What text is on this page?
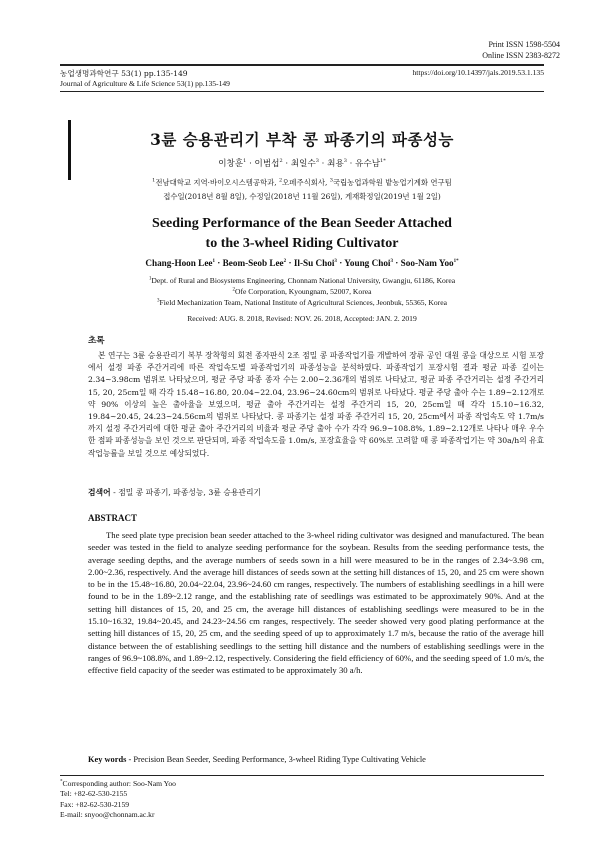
Print ISSN 1598-5504
Online ISSN 2383-8272
농업생명과학연구 53(1) pp.135-149	https://doi.org/10.14397/jals.2019.53.1.135
Journal of Agriculture & Life Science 53(1) pp.135-149
3륜 승용관리기 부착 콩 파종기의 파종성능
이창훈$^1$ · 이범섭$^2$ · 최일수$^3$ · 최용$^3$ · 유수남$^{1*}$
$^1$전남대학교 지역·바이오시스템공학과, $^2$오페주식회사, $^3$국립농업과학원 밭농업기계화 연구팀
접수일(2018년 8월 8일), 수정일(2018년 11월 26일), 게재확정일(2019년 1월 2일)
Seeding Performance of the Bean Seeder Attached
to the 3-wheel Riding Cultivator
Chang-Hoon Lee$^1$ · Beom-Seob Lee$^2$ · Il-Su Choi$^3$ · Young Choi$^3$ · Soo-Nam Yoo$^{1*}$
$^1$Dept. of Rural and Biosystems Engineering, Chonnam National University, Gwangju, 61186, Korea
$^2$Ofe Corporation, Kyoungnam, 52007, Korea
$^3$Field Mechanization Team, National Institute of Agricultural Sciences, Jeonbuk, 55365, Korea
Received: AUG. 8. 2018, Revised: NOV. 26. 2018, Accepted: JAN. 2. 2019
초록
본 연구는 3륜 승용관리기 복부 장착형의 회전 종자판식 2조 점밀 콩 파종작업기를 개발하여 장류 공인 대원 콩을 대상으로 시험 포장에서 설정 파종 주간거리에 따른 작업속도별 파종작업기의 파종성능을 분석하였다. 파종작업기 포장시험 결과 평균 파종 깊이는 2.34~3.98cm 범위로 나타났으며, 평균 주당 파종 종자 수는 2.00~2.36개의 범위로 나타났고, 평균 파종 주간거리는 설정 주간거리 15, 20, 25cm일 때 각각 15.48~16.80, 20.04~22.04, 23.96~24.60cm의 범위로 나타났다. 평균 주당 출아 수는 1.89~2.12개로 약 90% 이상의 높은 출아율을 보였으며, 평균 출아 주간거리는 설정 주간거리 15, 20, 25cm일 때 각각 15.10~16.32, 19.84~20.45, 24.23~24.56cm의 범위로 나타났다. 콩 파종기는 설정 파종 주간거리 15, 20, 25cm에서 파종 작업속도 약 1.7m/s까지 설정 주간거리에 대한 평균 출아 주간거리의 비율과 평균 주당 출아 수가 각각 96.9~108.8%, 1.89~2.12개로 나타나 매우 우수한 점파 파종성능을 보인 것으로 판단되며, 파종 작업속도를 1.0m/s, 포장효율을 약 60%로 고려할 때 콩 파종작업기는 약 30a/h의 유효작업능률을 보일 것으로 예상되었다.
검색어 - 점밀 콩 파종기, 파종성능, 3륜 승용관리기
ABSTRACT
The seed plate type precision bean seeder attached to the 3-wheel riding cultivator was designed and manufactured. The bean seeder was tested in the field to analyze seeding performance for the soybean. Results from the seeding performance tests, the average seeding depths, and the average numbers of seeds sown in a hill were measured to be in the ranges of 2.34~3.98 cm, 2.00~2.36, respectively. And the average hill distances of seeds sown at the setting hill distances of 15, 20, and 25 cm were shown to be in the 15.48~16.80, 20.04~22.04, 23.96~24.60 cm ranges, respectively. The numbers of establishing seedlings in a hill were found to be in the 1.89~2.12 range, and the establishing rate of seedlings was estimated to be approximately 90%. And at the setting hill distances of 15, 20, and 25 cm, the average hill distances of establishing seedlings were measured to be in the 15.10~16.32, 19.84~20.45, and 24.23~24.56 cm ranges, respectively. The seeder showed very good plating performance at the setting hill distances of 15, 20, 25 cm, and the seeding speed of up to approximately 1.7 m/s, because the ratio of the average hill distance between the of establishing seedlings to the setting hill distance and the numbers of establishing seedlings were in the ranges of 96.9~108.8%, and 1.89~2.12, respectively. Considering the field efficiency of 60%, and the seeding speed of 1.0 m/s, the effective field capacity of the seeder was estimated to be approximately 30 a/h.
Key words - Precision Bean Seeder, Seeding Performance, 3-wheel Riding Type Cultivating Vehicle
*Corresponding author: Soo-Nam Yoo
Tel: +82-62-530-2155
Fax: +82-62-530-2159
E-mail: snyoo@chonnam.ac.kr
